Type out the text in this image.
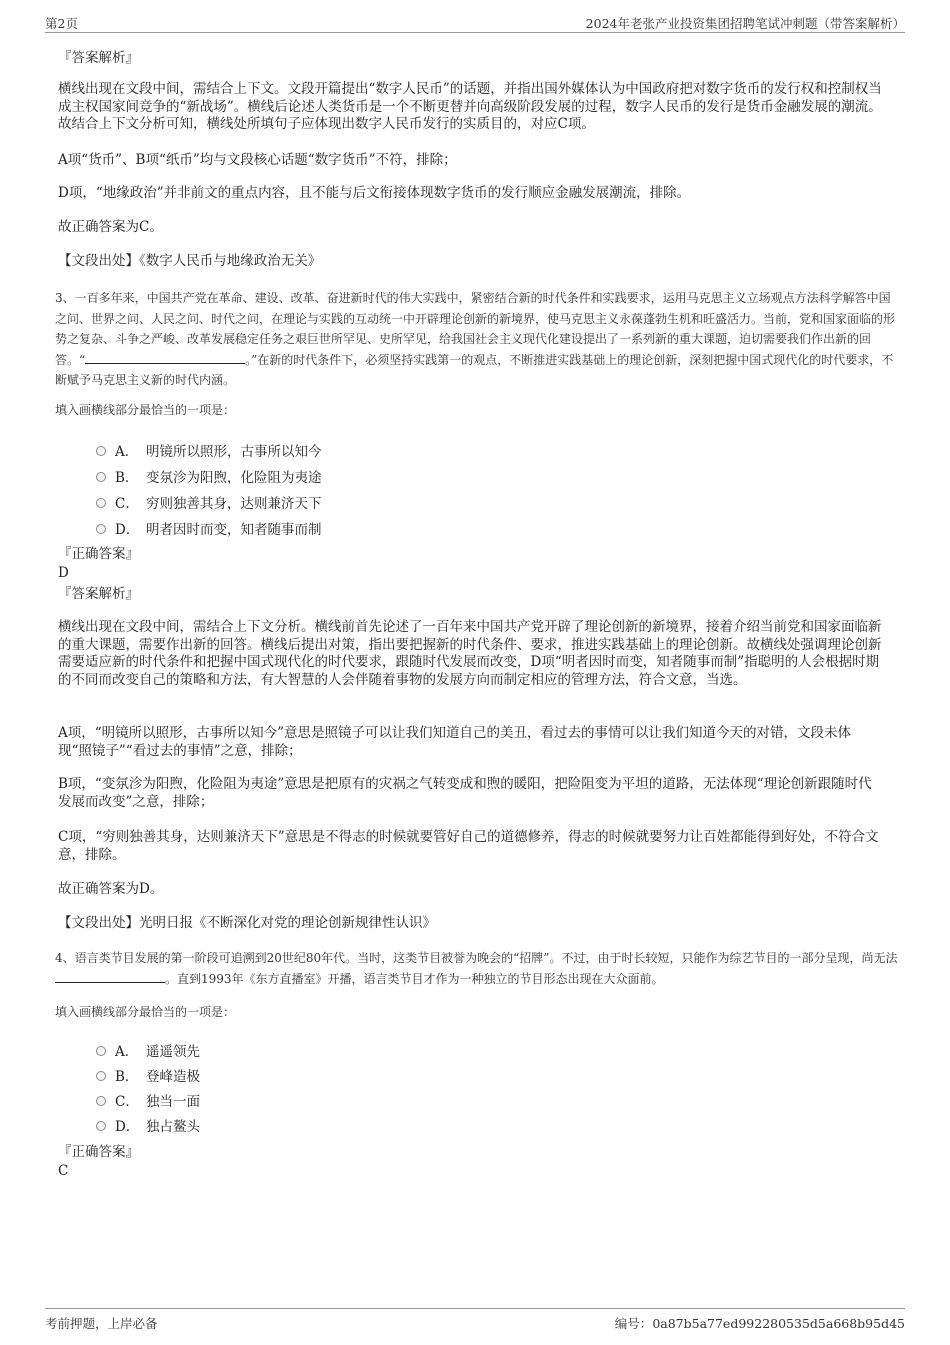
第2页	2024年老张产业投资集团招聘笔试冲刺题（带答案解析）
『答案解析』
横线出现在文段中间，需结合上下文。文段开篇提出“数字人民币”的话题，并指出国外媒体认为中国政府把对数字货币的发行权和控制权当成主权国家间竞争的“新战场”。横线后论述人类货币是一个不断更替并向高级阶段发展的过程，数字人民币的发行是货币金融发展的潮流。故结合上下文分析可知，横线处所填句子应体现出数字人民币发行的实质目的，对应C项。
A项“货币”、B项“纸币”均与文段核心话题“数字货币”不符，排除；
D项，“地缘政治”并非前文的重点内容，且不能与后文衔接体现数字货币的发行顺应金融发展潮流，排除。
故正确答案为C。
【文段出处】《数字人民币与地缘政治无关》
3、一百多年来，中国共产党在革命、建设、改革、奋进新时代的伟大实践中，紧密结合新的时代条件和实践要求，运用马克思主义立场观点方法科学解答中国之问、世界之问、人民之问、时代之问，在理论与实践的互动统一中开辟理论创新的新境界，使马克思主义永葆蓬勃生机和旺盛活力。当前，党和国家面临的形势之复杂、斗争之严峻、改革发展稳定任务之艰巨世所罕见、史所罕见，给我国社会主义现代化建设提出了一系列新的重大课题，迫切需要我们作出新的回答。“	。”在新的时代条件下，必须坚持实践第一的观点，不断推进实践基础上的理论创新，深刻把握中国式现代化的时代要求，不断赋予马克思主义新的时代内涵。
填入画横线部分最恰当的一项是：
A． 明镜所以照形，古事所以知今
B． 变氛沴为阳煦，化险阻为夷途
C． 穷则独善其身，达则兼济天下
D． 明者因时而变，知者随事而制
『正确答案』
D
『答案解析』
横线出现在文段中间，需结合上下文分析。横线前首先论述了一百年来中国共产党开辟了理论创新的新境界，接着介绍当前党和国家面临新的重大课题，需要作出新的回答。横线后提出对策，指出要把握新的时代条件、要求，推进实践基础上的理论创新。故横线处强调理论创新需要适应新的时代条件和把握中国式现代化的时代要求，跟随时代发展而改变，D项“明者因时而变，知者随事而制”指聪明的人会根据时期的不同而改变自己的策略和方法，有大智慧的人会伴随着事物的发展方向而制定相应的管理方法，符合文意，当选。
A项，“明镜所以照形，古事所以知今”意思是照镜子可以让我们知道自己的美丑，看过去的事情可以让我们知道今天的对错，文段未体现“照镜子”“看过去的事情”之意，排除；
B项，“变氛沴为阳煦，化险阻为夷途”意思是把原有的灾祸之气转变成和煦的暖阳，把险阻变为平坦的道路，无法体现“理论创新跟随时代发展而改变”之意，排除；
C项，“穷则独善其身，达则兼济天下”意思是不得志的时候就要管好自己的道德修养，得志的时候就要努力让百姓都能得到好处，不符合文意，排除。
故正确答案为D。
【文段出处】光明日报《不断深化对党的理论创新规律性认识》
4、语言类节目发展的第一阶段可追溯到20世纪80年代。当时，这类节目被誉为晚会的“招牌”。不过，由于时长较短，只能作为综艺节目的一部分呈现，尚无法。直到1993年《东方直播室》开播，语言类节目才作为一种独立的节目形态出现在大众面前。
填入画横线部分最恰当的一项是：
A． 遥遥领先
B． 登峰造极
C． 独当一面
D． 独占鳌头
『正确答案』
C
考前押题，上岸必备	编号：0a87b5a77ed992280535d5a668b95d45
